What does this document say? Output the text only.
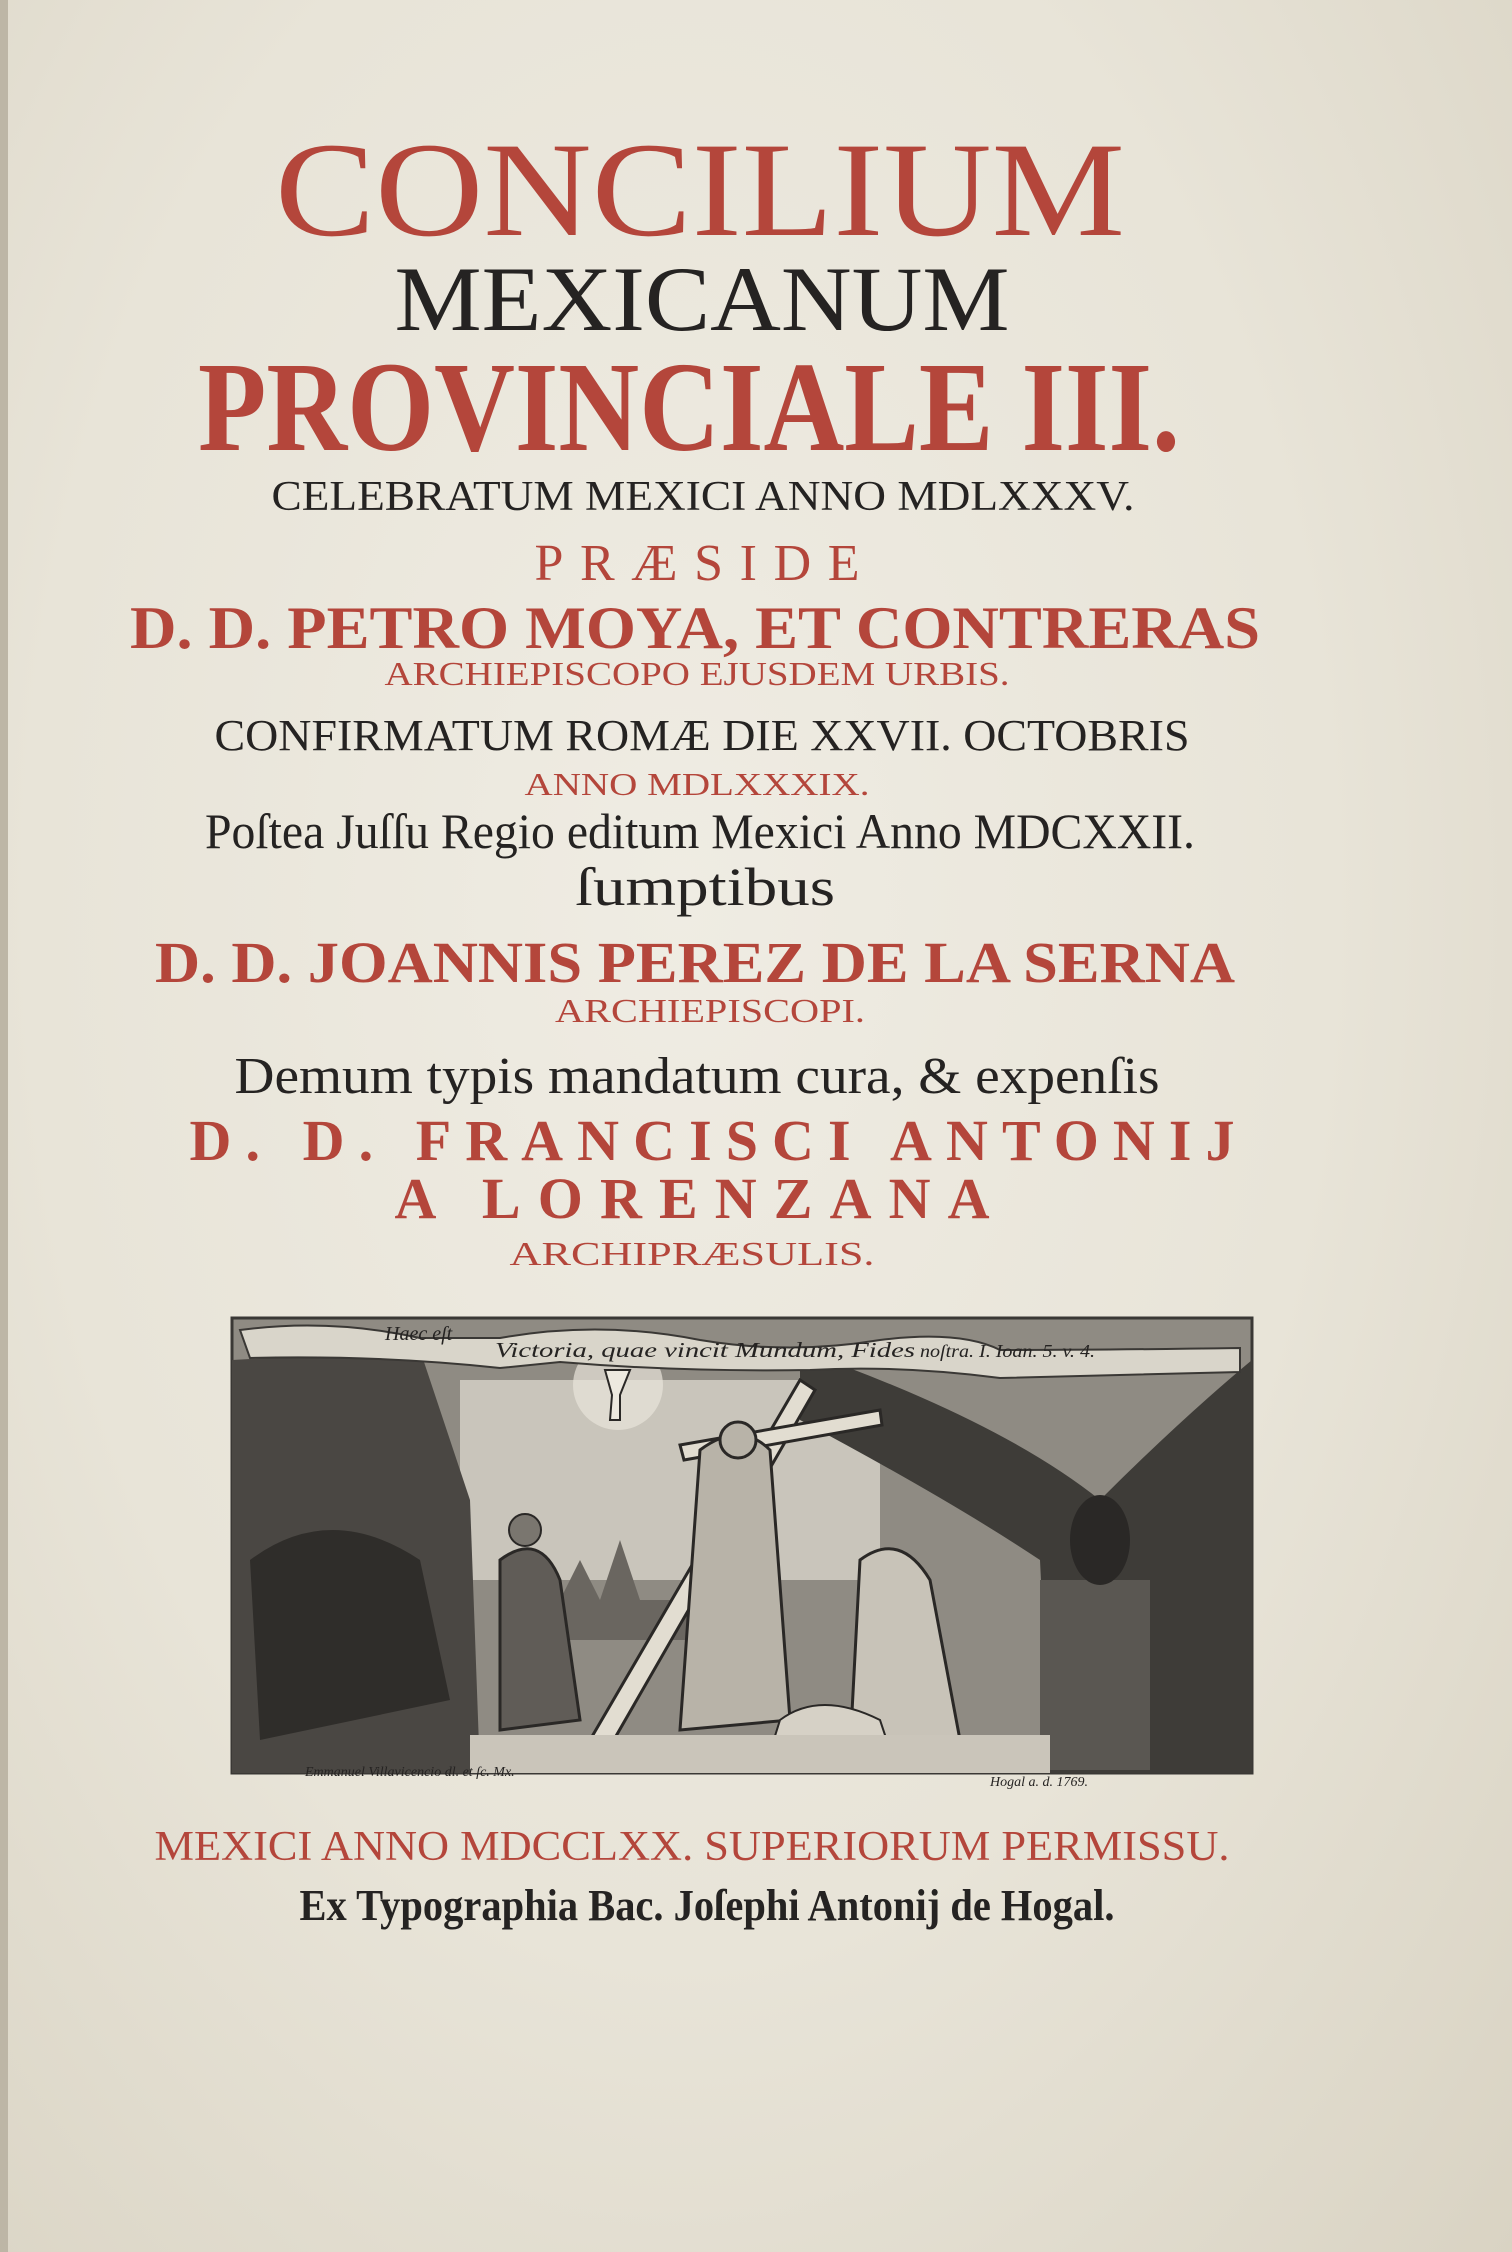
CONCILIUM
MEXICANUM
PROVINCIALE III.
CELEBRATUM MEXICI ANNO MDLXXXV.
PRÆSIDE
D. D. PETRO MOYA, ET CONTRERAS
ARCHIEPISCOPO EJUSDEM URBIS.
CONFIRMATUM ROMÆ DIE XXVII. OCTOBRIS
ANNO MDLXXXIX.
Poſtea Juſſu Regio editum Mexici Anno MDCXXII.
ſumptibus
D. D. JOANNIS PEREZ DE LA SERNA
ARCHIEPISCOPI.
Demum typis mandatum cura, & expenſis
D. D. FRANCISCI ANTONIJ
A LORENZANA
ARCHIPRÆSULIS.
Haec eſt
Victoria, quae vincit Mundum, Fides noſtra. I. Ioan. 5. v. 4.
Emmanuel Villavicencio dl. et ſc. Mx.
Hogal a. d. 1769.
MEXICI ANNO MDCCLXX. SUPERIORUM PERMISSU.
Ex Typographia Bac. Joſephi Antonij de Hogal.
